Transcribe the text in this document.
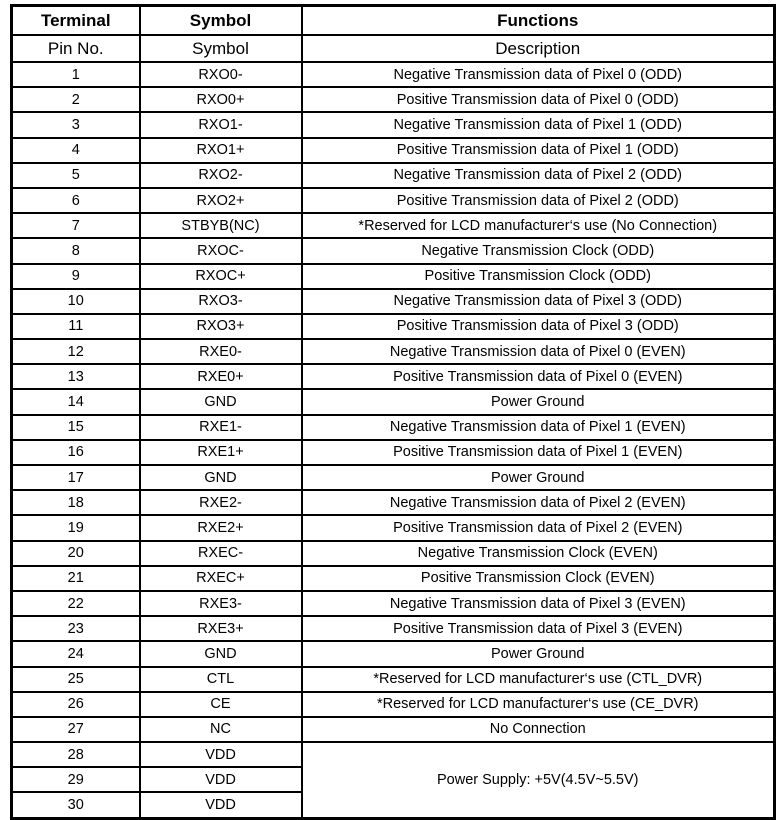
Terminal	Symbol	Functions
Pin No.	Symbol	Description
1	RXO0-	Negative Transmission data of Pixel 0 (ODD)
2	RXO0+	Positive Transmission data of Pixel 0 (ODD)
3	RXO1-	Negative Transmission data of Pixel 1 (ODD)
4	RXO1+	Positive Transmission data of Pixel 1 (ODD)
5	RXO2-	Negative Transmission data of Pixel 2 (ODD)
6	RXO2+	Positive Transmission data of Pixel 2 (ODD)
7	STBYB(NC)	*Reserved for LCD manufacturer‘s use (No Connection)
8	RXOC-	Negative Transmission Clock (ODD)
9	RXOC+	Positive Transmission Clock (ODD)
10	RXO3-	Negative Transmission data of Pixel 3 (ODD)
11	RXO3+	Positive Transmission data of Pixel 3 (ODD)
12	RXE0-	Negative Transmission data of Pixel 0 (EVEN)
13	RXE0+	Positive Transmission data of Pixel 0 (EVEN)
14	GND	Power Ground
15	RXE1-	Negative Transmission data of Pixel 1 (EVEN)
16	RXE1+	Positive Transmission data of Pixel 1 (EVEN)
17	GND	Power Ground
18	RXE2-	Negative Transmission data of Pixel 2 (EVEN)
19	RXE2+	Positive Transmission data of Pixel 2 (EVEN)
20	RXEC-	Negative Transmission Clock (EVEN)
21	RXEC+	Positive Transmission Clock (EVEN)
22	RXE3-	Negative Transmission data of Pixel 3 (EVEN)
23	RXE3+	Positive Transmission data of Pixel 3 (EVEN)
24	GND	Power Ground
25	CTL	*Reserved for LCD manufacturer‘s use (CTL_DVR)
26	CE	*Reserved for LCD manufacturer‘s use (CE_DVR)
27	NC	No Connection
28	VDD	Power Supply: +5V(4.5V~5.5V)
29	VDD	
30	VDD	
